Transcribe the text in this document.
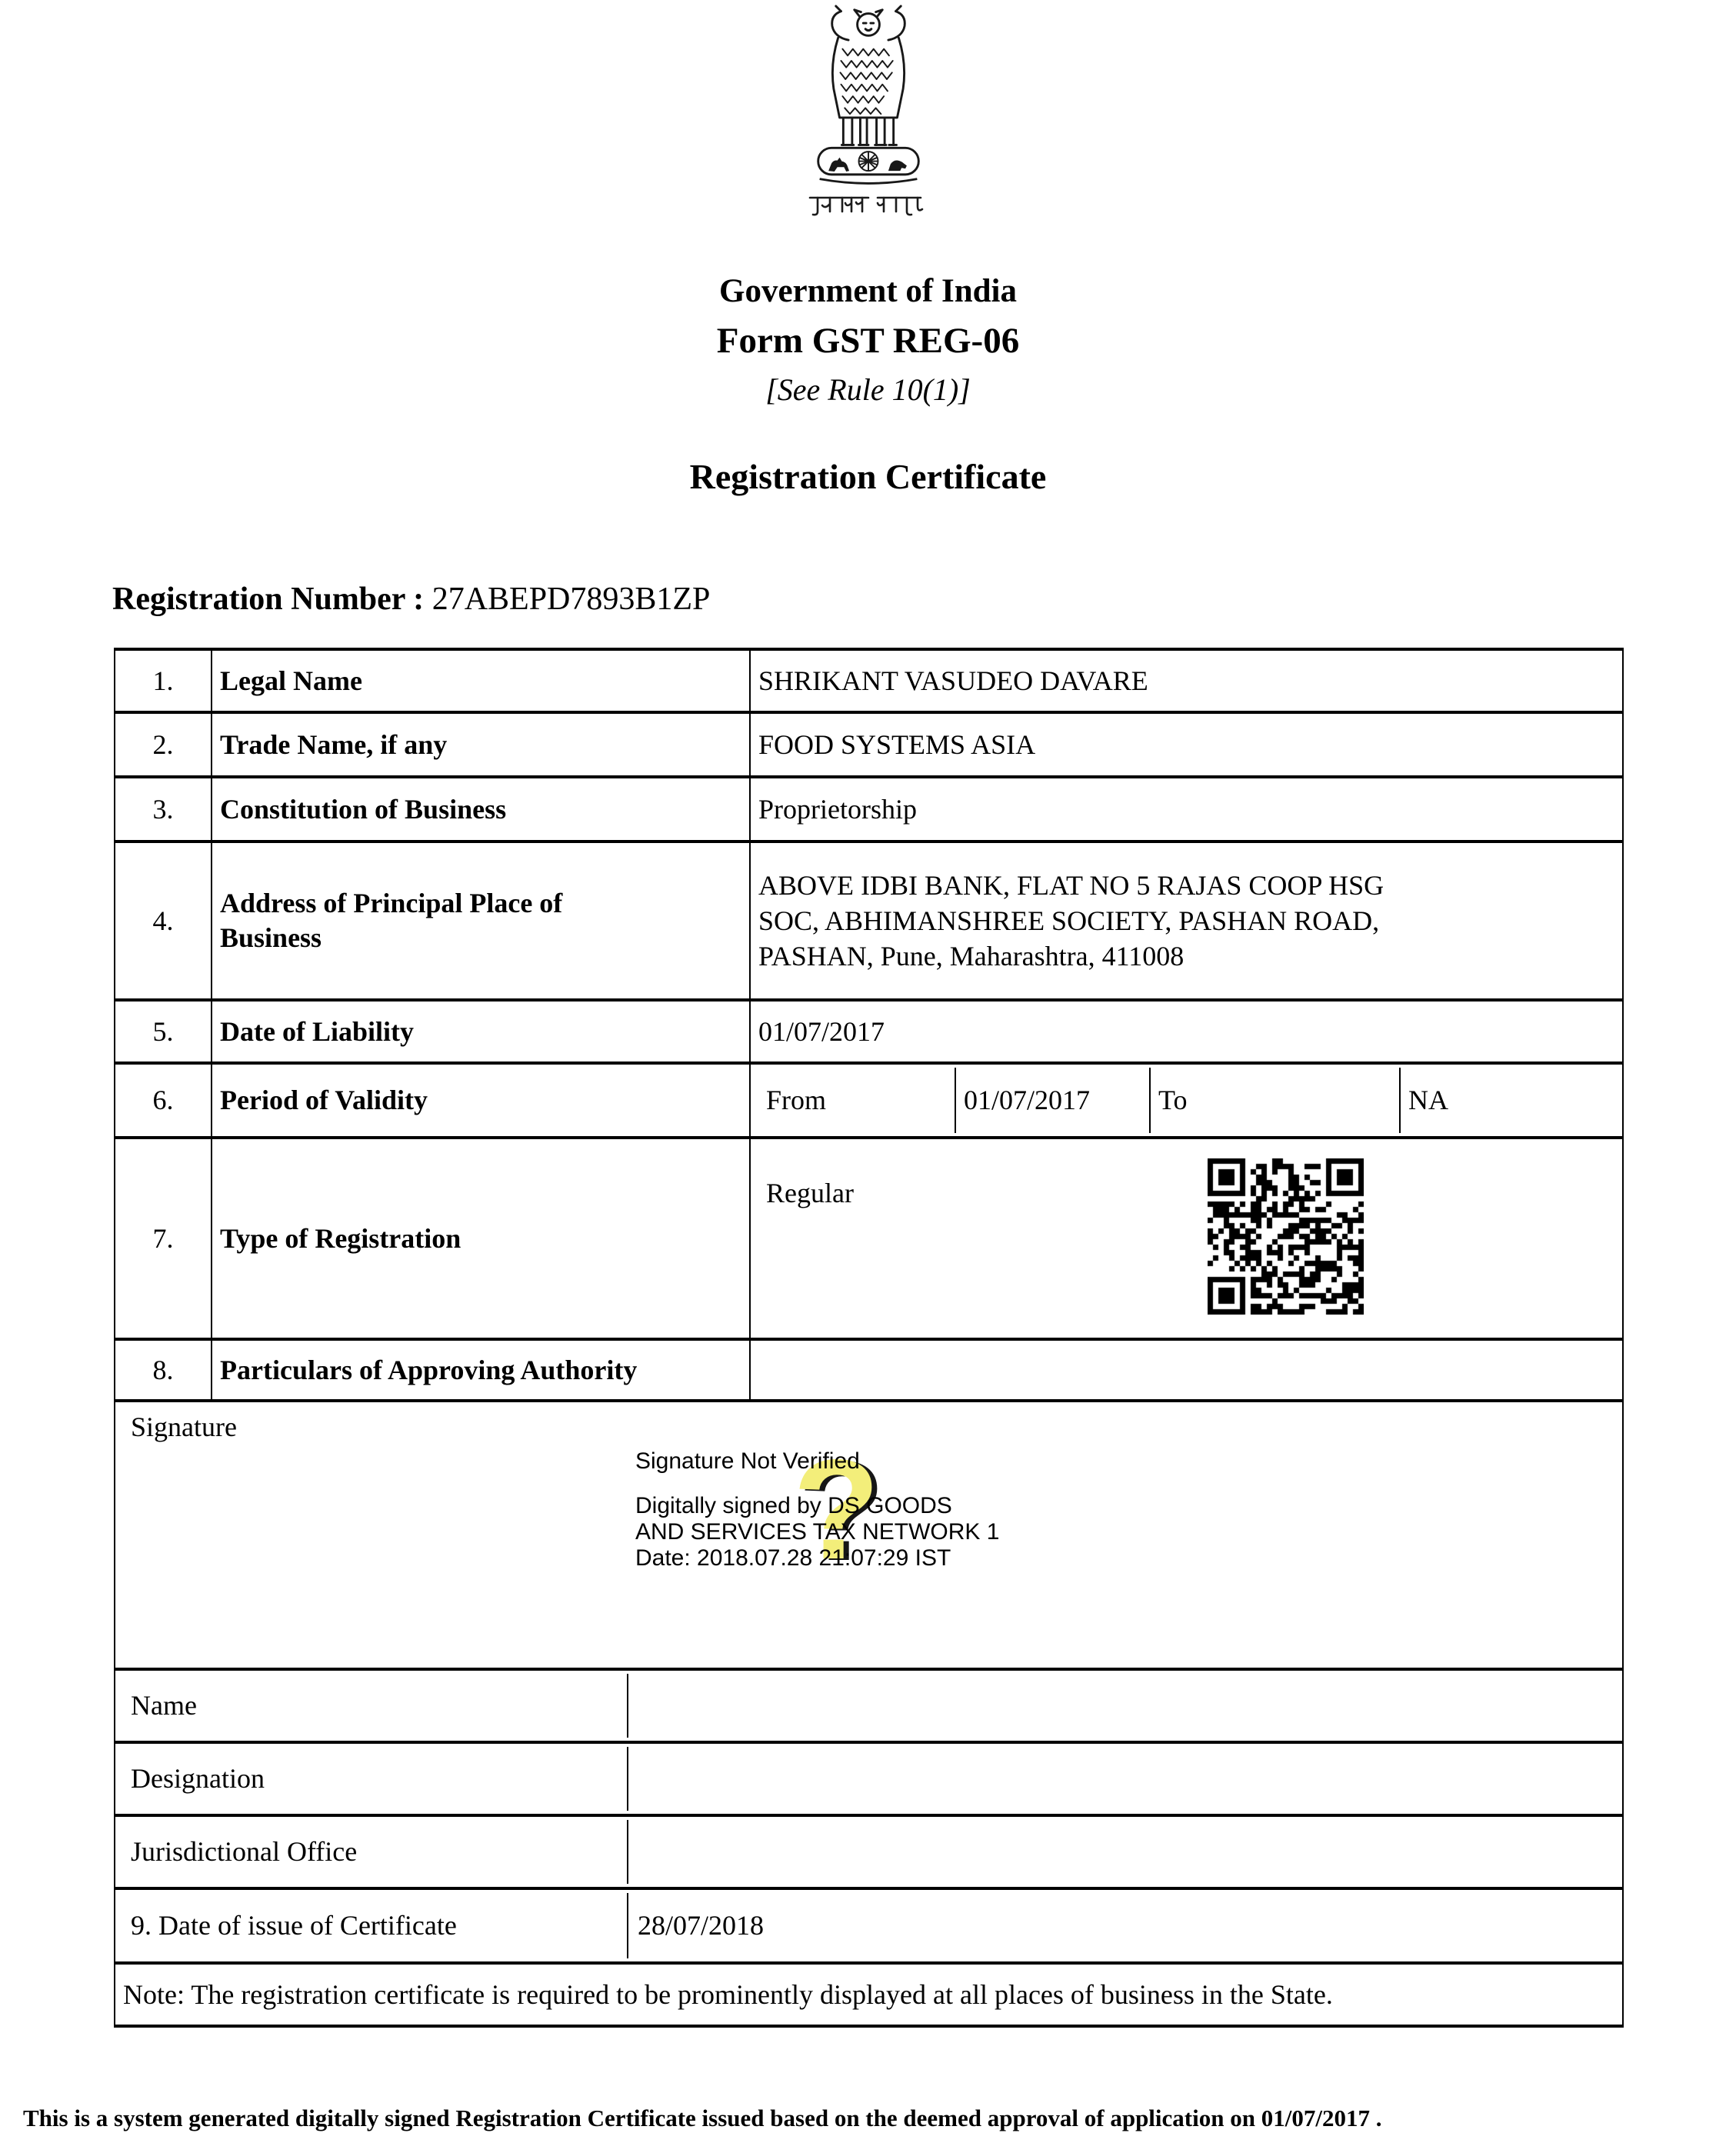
Government of India
Form GST REG-06
[See Rule 10(1)]
Registration Certificate
Registration Number : 27ABEPD7893B1ZP
1.	Legal Name	SHRIKANT VASUDEO DAVARE
2.	Trade Name, if any	FOOD SYSTEMS ASIA
3.	Constitution of Business	Proprietorship
4.	Address of Principal Place of Business	ABOVE IDBI BANK, FLAT NO 5 RAJAS COOP HSG SOC, ABHIMANSHREE SOCIETY, PASHAN ROAD, PASHAN, Pune, Maharashtra, 411008

5.	Date of Liability	01/07/2017
6.	Period of Validity	From 01/07/2017 To NA

7.	Type of Registration	Regular

8.	Particulars of Approving Authority	

Signature
?
Signature Not Verified
Digitally signed by DS GOODS
AND SERVICES TAX NETWORK 1
Date: 2018.07.28 21:07:29 IST

Name		

Designation		

Jurisdictional Office		

9. Date of issue of Certificate 28/07/2018		

Note: The registration certificate is required to be prominently displayed at all places of business in the State.		
This is a system generated digitally signed Registration Certificate issued based on the deemed approval of application on 01/07/2017 .
